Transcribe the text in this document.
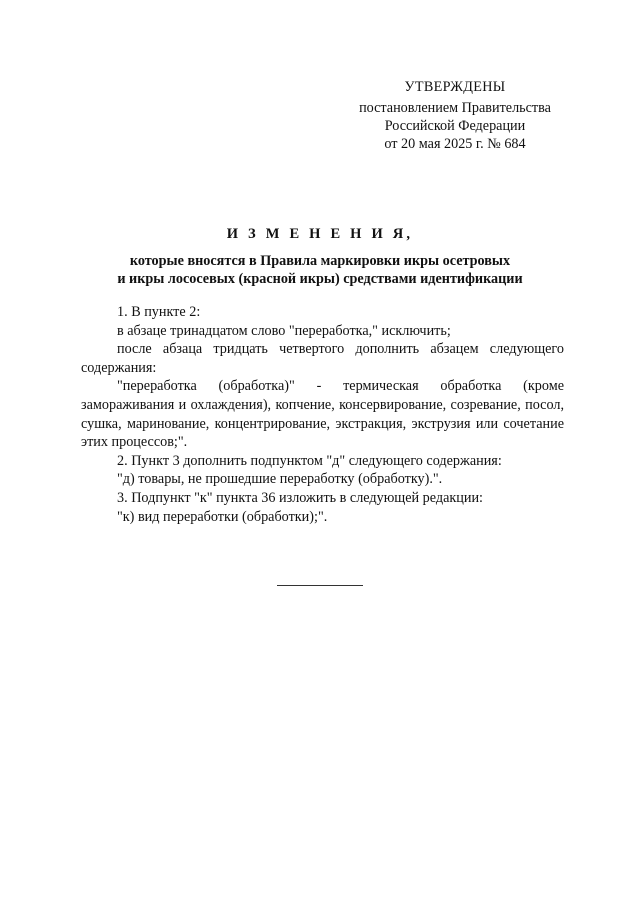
УТВЕРЖДЕНЫ
постановлением Правительства
Российской Федерации
от 20 мая 2025 г. № 684
И З М Е Н Е Н И Я,
которые вносятся в Правила маркировки икры осетровых
и икры лососевых (красной икры) средствами идентификации

1. В пункте 2:

в абзаце тринадцатом слово "переработка," исключить;

после абзаца тридцать четвертого дополнить абзацем следующего содержания:

"переработка (обработка)" - термическая обработка (кроме замораживания и охлаждения), копчение, консервирование, созревание, посол, сушка, маринование, концентрирование, экстракция, экструзия или сочетание этих процессов;".

2. Пункт 3 дополнить подпунктом "д" следующего содержания:

"д) товары, не прошедшие переработку (обработку).".

3. Подпункт "к" пункта 36 изложить в следующей редакции:

"к) вид переработки (обработки);".
